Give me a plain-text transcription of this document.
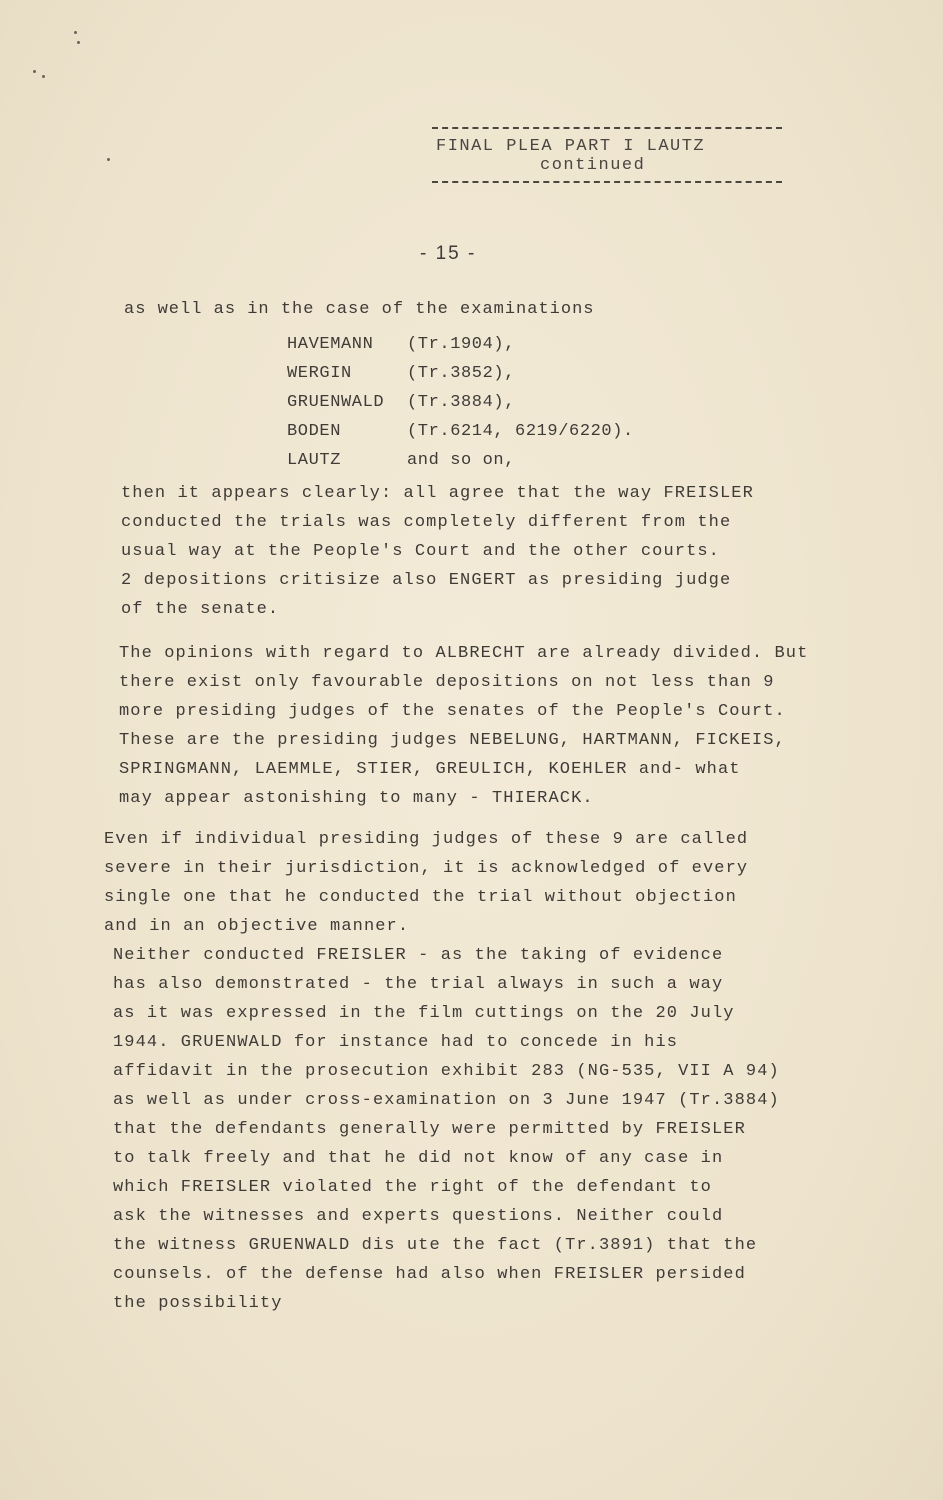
FINAL PLEA PART I LAUTZ
continued
- 15 -
as well as in the case of the examinations
HAVEMANN (Tr.1904),
WERGIN	(Tr.3852),
GRUENWALD (Tr.3884),
BODEN	(Tr.6214, 6219/6220).
LAUTZ	and so on,
then it appears clearly: all agree that the way FREISLER
conducted the trials was completely different from the
usual way at the People's Court and the other courts.
2 depositions critisize also ENGERT as presiding judge
of the senate.
The opinions with regard to ALBRECHT are already divided. But
there exist only favourable depositions on not less than 9
more presiding judges of the senates of the People's Court.
These are the presiding judges NEBELUNG, HARTMANN, FICKEIS,
SPRINGMANN, LAEMMLE, STIER, GREULICH, KOEHLER and- what
may appear astonishing to many - THIERACK.
Even if individual presiding judges of these 9 are called
severe in their jurisdiction, it is acknowledged of every
single one that he conducted the trial without objection
and in an objective manner.
Neither conducted FREISLER - as the taking of evidence
has also demonstrated - the trial always in such a way
as it was expressed in the film cuttings on the 20 July
1944. GRUENWALD for instance had to concede in his
affidavit in the prosecution exhibit 283 (NG-535, VII A 94)
as well as under cross-examination on 3 June 1947 (Tr.3884)
that the defendants generally were permitted by FREISLER
to talk freely and that he did not know of any case in
which FREISLER violated the right of the defendant to
ask the witnesses and experts questions. Neither could
the witness GRUENWALD dis ute the fact (Tr.3891) that the
counsels. of the defense had also when FREISLER persided
the possibility
